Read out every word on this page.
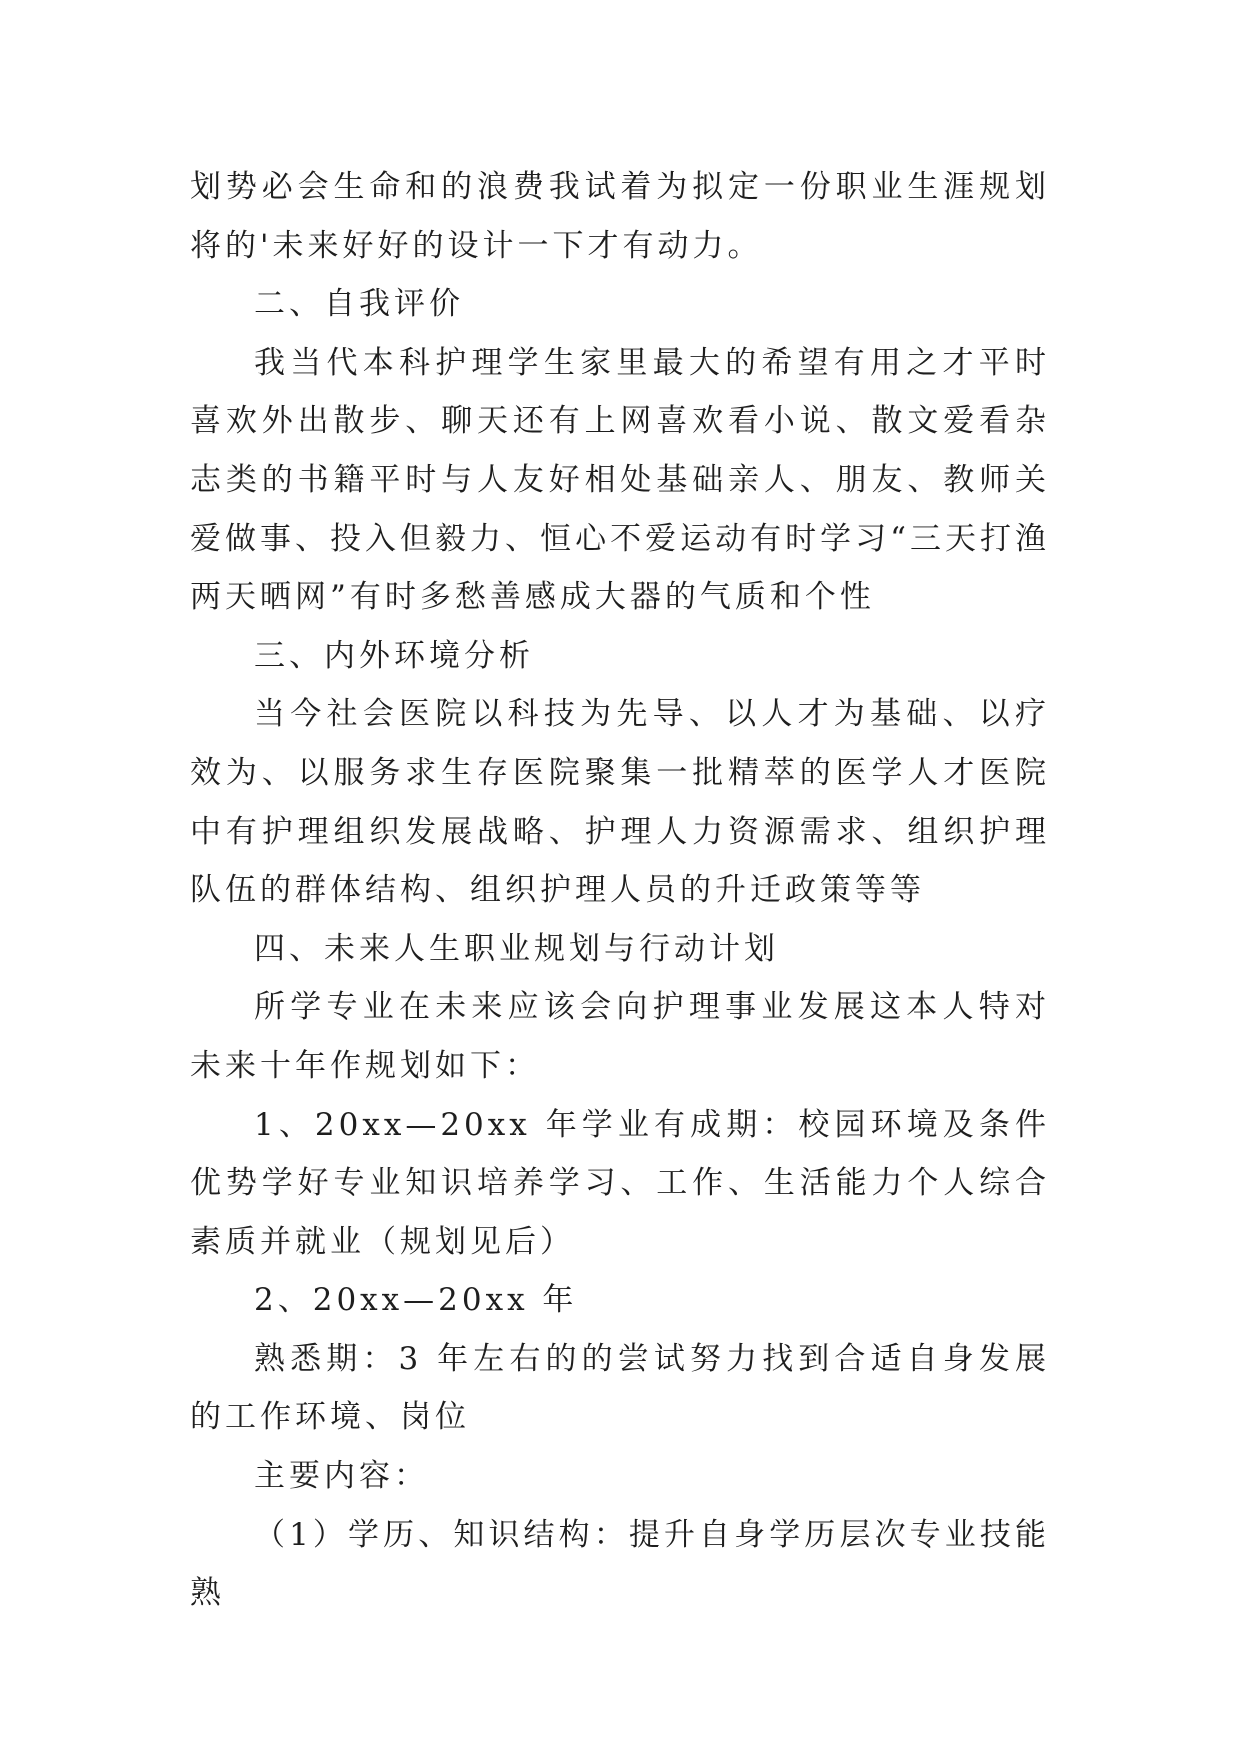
划势必会生命和的浪费我试着为拟定一份职业生涯规划将的'未来好好的设计一下才有动力。

二、自我评价

我当代本科护理学生家里最大的希望有用之才平时喜欢外出散步、聊天还有上网喜欢看小说、散文爱看杂志类的书籍平时与人友好相处基础亲人、朋友、教师关爱做事、投入但毅力、恒心不爱运动有时学习“三天打渔两天晒网”有时多愁善感成大器的气质和个性

三、内外环境分析

当今社会医院以科技为先导、以人才为基础、以疗效为、以服务求生存医院聚集一批精萃的医学人才医院中有护理组织发展战略、护理人力资源需求、组织护理队伍的群体结构、组织护理人员的升迁政策等等

四、未来人生职业规划与行动计划

所学专业在未来应该会向护理事业发展这本人特对未来十年作规划如下：

1、20xx—20xx 年学业有成期：校园环境及条件优势学好专业知识培养学习、工作、生活能力个人综合素质并就业（规划见后）

2、20xx—20xx 年

熟悉期：3 年左右的的尝试努力找到合适自身发展的工作环境、岗位

主要内容：

（1）学历、知识结构：提升自身学历层次专业技能熟
